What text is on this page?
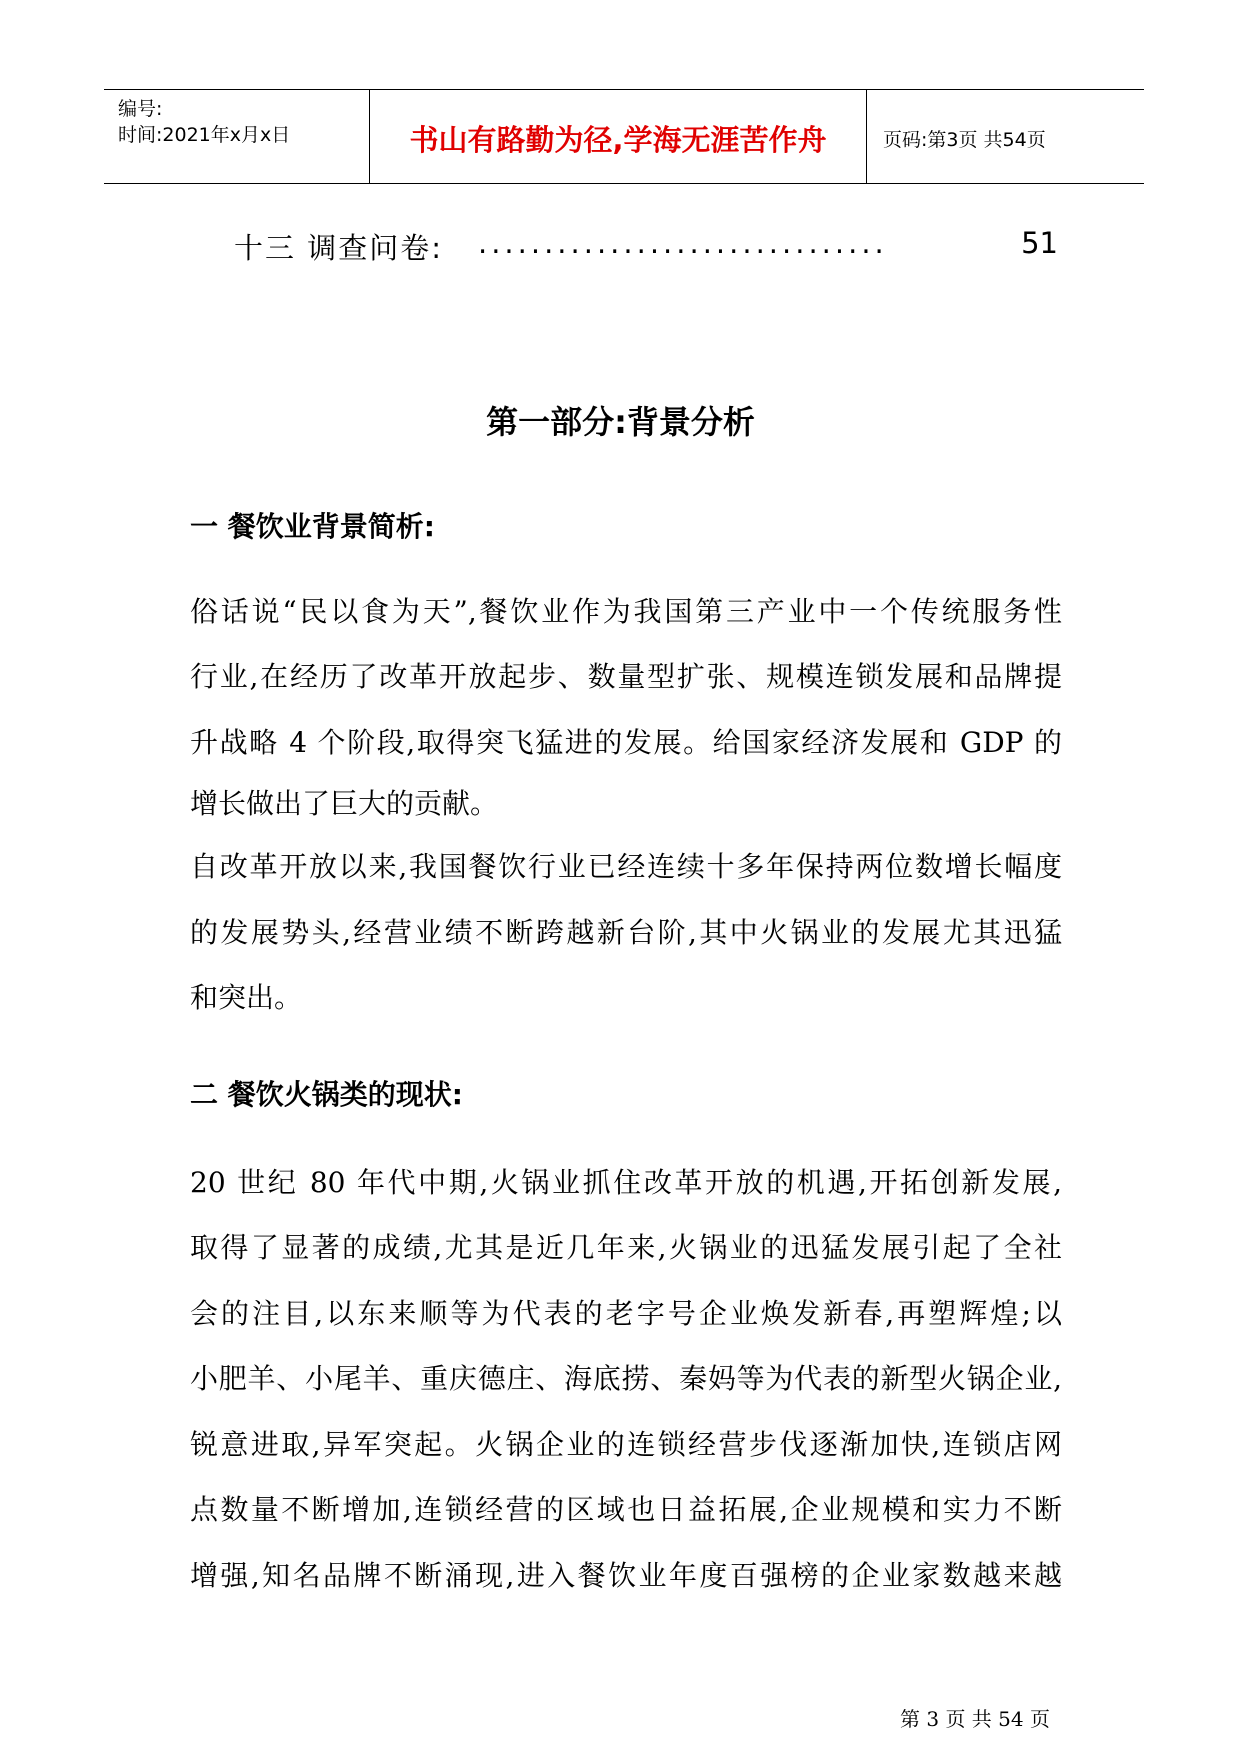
编号:
时间:2021年x月x日	书山有路勤为径,学海无涯苦作舟	页码:第3页 共54页
十三 调查问卷: ...............................	51
第一部分:背景分析
一 餐饮业背景简析:
俗话说“民以食为天”,餐饮业作为我国第三产业中一个传统服务性
行业,在经历了改革开放起步、数量型扩张、规模连锁发展和品牌提
升战略 4 个阶段,取得突飞猛进的发展。给国家经济发展和 GDP 的
增长做出了巨大的贡献。
自改革开放以来,我国餐饮行业已经连续十多年保持两位数增长幅度
的发展势头,经营业绩不断跨越新台阶,其中火锅业的发展尤其迅猛
和突出。
二 餐饮火锅类的现状:
20 世纪 80 年代中期,火锅业抓住改革开放的机遇,开拓创新发展,
取得了显著的成绩,尤其是近几年来,火锅业的迅猛发展引起了全社
会的注目,以东来顺等为代表的老字号企业焕发新春,再塑辉煌;以
小肥羊、小尾羊、重庆德庄、海底捞、秦妈等为代表的新型火锅企业,
锐意进取,异军突起。火锅企业的连锁经营步伐逐渐加快,连锁店网
点数量不断增加,连锁经营的区域也日益拓展,企业规模和实力不断
增强,知名品牌不断涌现,进入餐饮业年度百强榜的企业家数越来越
第 3 页 共 54 页
